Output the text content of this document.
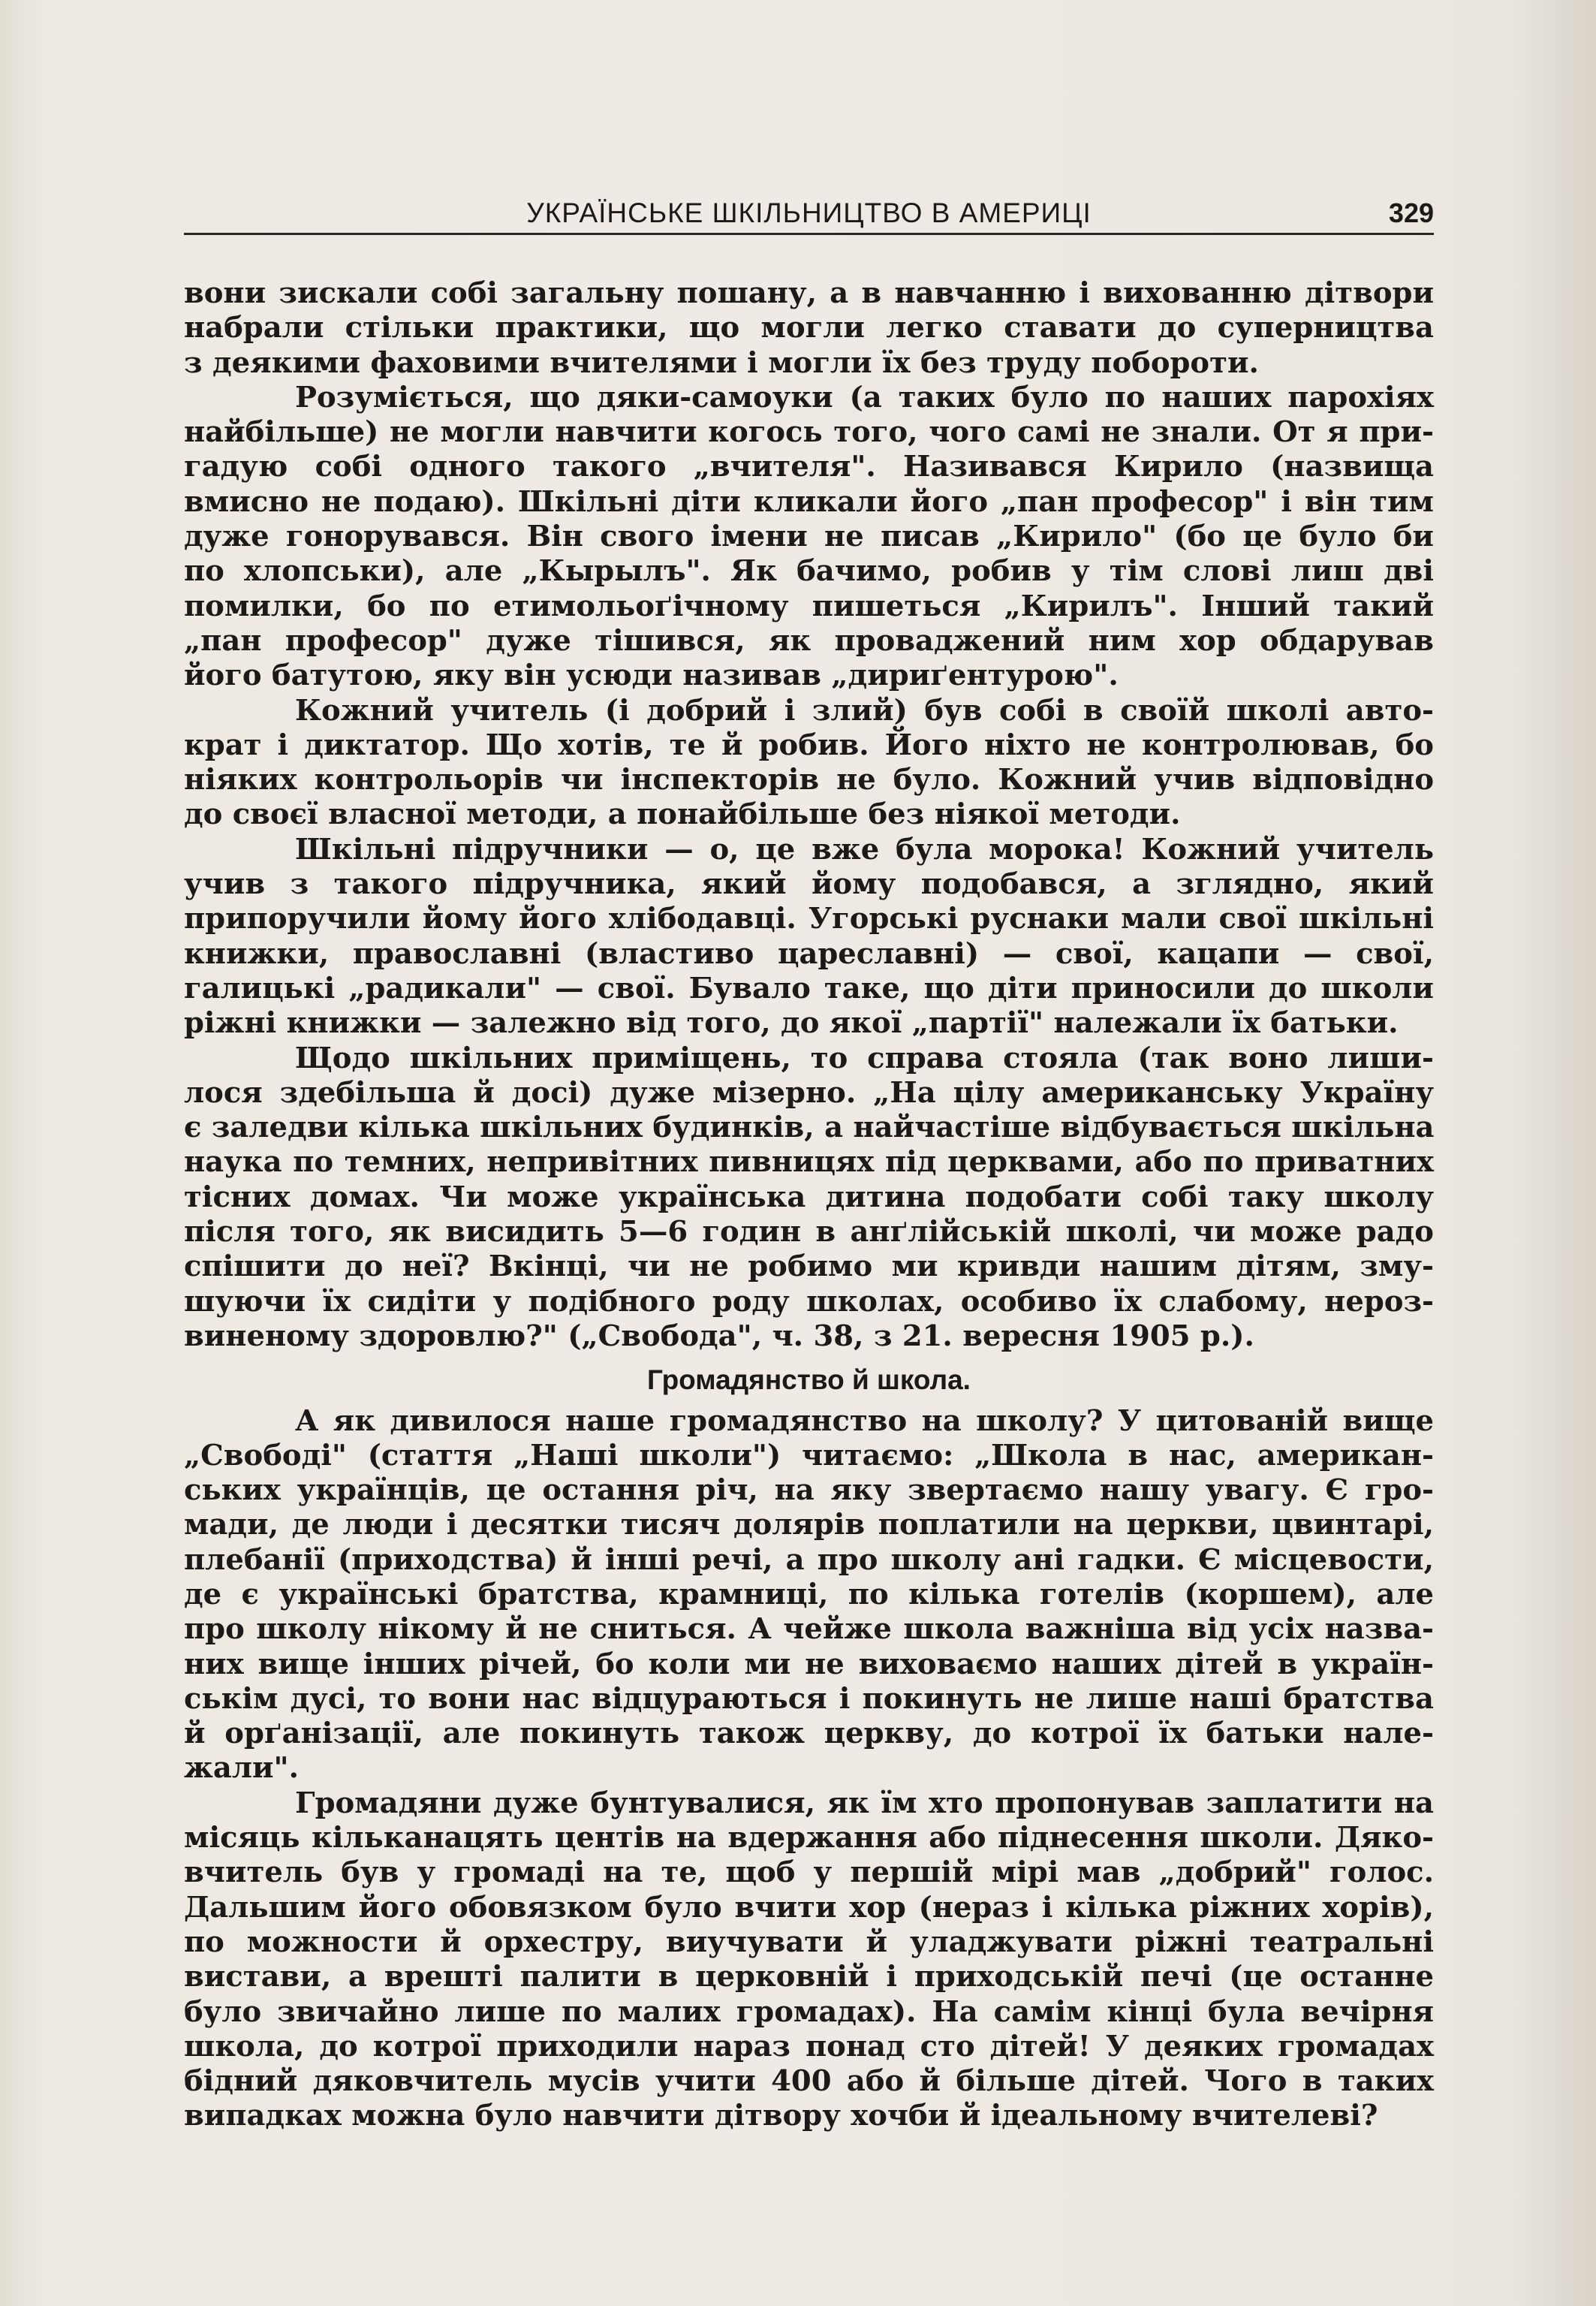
УКРАЇНСЬКЕ ШКІЛЬНИЦТВО В АМЕРИЦІ	329
вони зискали собі загальну пошану, а в навчанню і вихованню дітвори
набрали стільки практики, що могли легко ставати до суперництва
з деякими фаховими вчителями і могли їх без труду побороти.
Розуміється, що дяки-самоуки (а таких було по наших парохіях
найбільше) не могли навчити когось того, чого самі не знали. От я при-
гадую собі одного такого „вчителя". Називався Кирило (назвища
вмисно не подаю). Шкільні діти кликали його „пан професор" і він тим
дуже гонорувався. Він свого імени не писав „Кирило" (бо це було би
по хлопськи), але „Кырылъ". Як бачимо, робив у тім слові лиш дві
помилки, бо по етимольоґічному пишеться „Кирилъ". Інший такий
„пан професор" дуже тішився, як проваджений ним хор обдарував
його батутою, яку він усюди називав „дириґентурою".
Кожний учитель (і добрий і злий) був собі в своїй школі авто-
крат і диктатор. Що хотів, те й робив. Його ніхто не контролював, бо
ніяких контрольорів чи інспекторів не було. Кожний учив відповідно
до своєї власної методи, а понайбільше без ніякої методи.
Шкільні підручники — о, це вже була морока! Кожний учитель
учив з такого підручника, який йому подобався, а зглядно, який
припоручили йому його хлібодавці. Угорські руснаки мали свої шкільні
книжки, православні (властиво цареславні) — свої, кацапи — свої,
галицькі „радикали" — свої. Бувало таке, що діти приносили до школи
ріжні книжки — залежно від того, до якої „партії" належали їх батьки.
Щодо шкільних приміщень, то справа стояла (так воно лиши-
лося здебільша й досі) дуже мізерно. „На цілу американську Україну
є заледви кілька шкільних будинків, а найчастіше відбувається шкільна
наука по темних, непривітних пивницях під церквами, або по приватних
тісних домах. Чи може українська дитина подобати собі таку школу
після того, як висидить 5—6 годин в анґлійській школі, чи може радо
спішити до неї? Вкінці, чи не робимо ми кривди нашим дітям, зму-
шуючи їх сидіти у подібного роду школах, особиво їх слабому, нероз-
виненому здоровлю?" („Свобода", ч. 38, з 21. вересня 1905 р.).
Громадянство й школа.
А як дивилося наше громадянство на школу? У цитованій вище
„Свободі" (стаття „Наші школи") читаємо: „Школа в нас, американ-
ських українців, це остання річ, на яку звертаємо нашу увагу. Є гро-
мади, де люди і десятки тисяч долярів поплатили на церкви, цвинтарі,
плебанії (приходства) й інші речі, а про школу ані гадки. Є місцевости,
де є українські братства, крамниці, по кілька готелів (коршем), але
про школу нікому й не сниться. А чейже школа важніша від усіх назва-
них вище інших річей, бо коли ми не виховаємо наших дітей в україн-
ськім дусі, то вони нас відцураються і покинуть не лише наші братства
й орґанізації, але покинуть також церкву, до котрої їх батьки нале-
жали".
Громадяни дуже бунтувалися, як їм хто пропонував заплатити на
місяць кільканацять центів на вдержання або піднесення школи. Дяко-
вчитель був у громаді на те, щоб у першій мірі мав „добрий" голос.
Дальшим його обовязком було вчити хор (нераз і кілька ріжних хорів),
по можности й орхестру, виучувати й уладжувати ріжні театральні
вистави, а врешті палити в церковній і приходській печі (це останне
було звичайно лише по малих громадах). На самім кінці була вечірня
школа, до котрої приходили нараз понад сто дітей! У деяких громадах
бідний дяковчитель мусів учити 400 або й більше дітей. Чого в таких
випадках можна було навчити дітвору хочби й ідеальному вчителеві?
